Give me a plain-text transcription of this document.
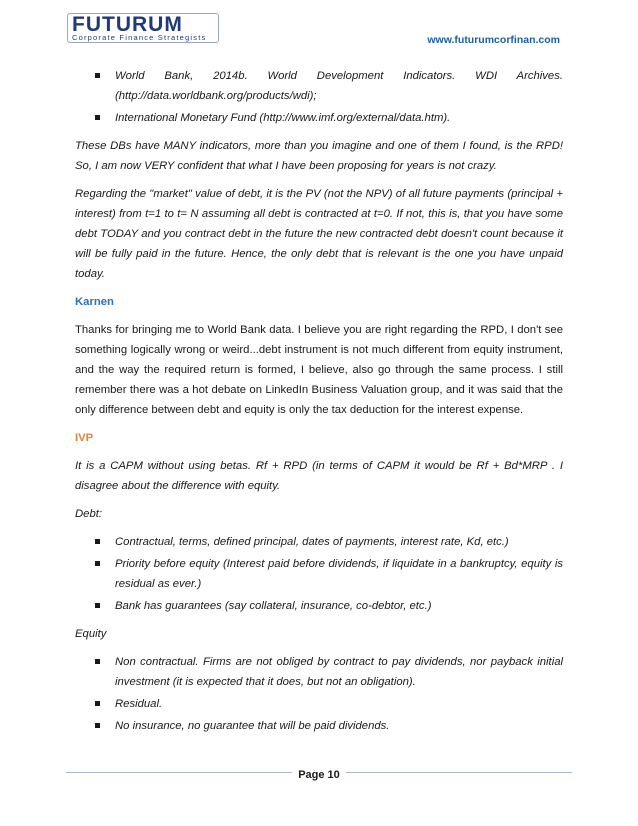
FUTURUM
Corporate Finance Strategists	www.futurumcorfinan.com
World Bank, 2014b. World Development Indicators. WDI Archives. (http://data.worldbank.org/products/wdi);
International Monetary Fund (http://www.imf.org/external/data.htm).

These DBs have MANY indicators, more than you imagine and one of them I found, is the RPD! So, I am now VERY confident that what I have been proposing for years is not crazy.

Regarding the "market" value of debt, it is the PV (not the NPV) of all future payments (principal + interest) from t=1 to t= N assuming all debt is contracted at t=0. If not, this is, that you have some debt TODAY and you contract debt in the future the new contracted debt doesn't count because it will be fully paid in the future. Hence, the only debt that is relevant is the one you have unpaid today.

Karnen

Thanks for bringing me to World Bank data. I believe you are right regarding the RPD, I don't see something logically wrong or weird...debt instrument is not much different from equity instrument, and the way the required return is formed, I believe, also go through the same process. I still remember there was a hot debate on LinkedIn Business Valuation group, and it was said that the only difference between debt and equity is only the tax deduction for the interest expense.

IVP

It is a CAPM without using betas. Rf + RPD (in terms of CAPM it would be Rf + Bd*MRP . I disagree about the difference with equity.

Debt:

Contractual, terms, defined principal, dates of payments, interest rate, Kd, etc.)
Priority before equity (Interest paid before dividends, if liquidate in a bankruptcy, equity is residual as ever.)
Bank has guarantees (say collateral, insurance, co-debtor, etc.)

Equity

Non contractual. Firms are not obliged by contract to pay dividends, nor payback initial investment (it is expected that it does, but not an obligation).
Residual.
No insurance, no guarantee that will be paid dividends.
Page 10
